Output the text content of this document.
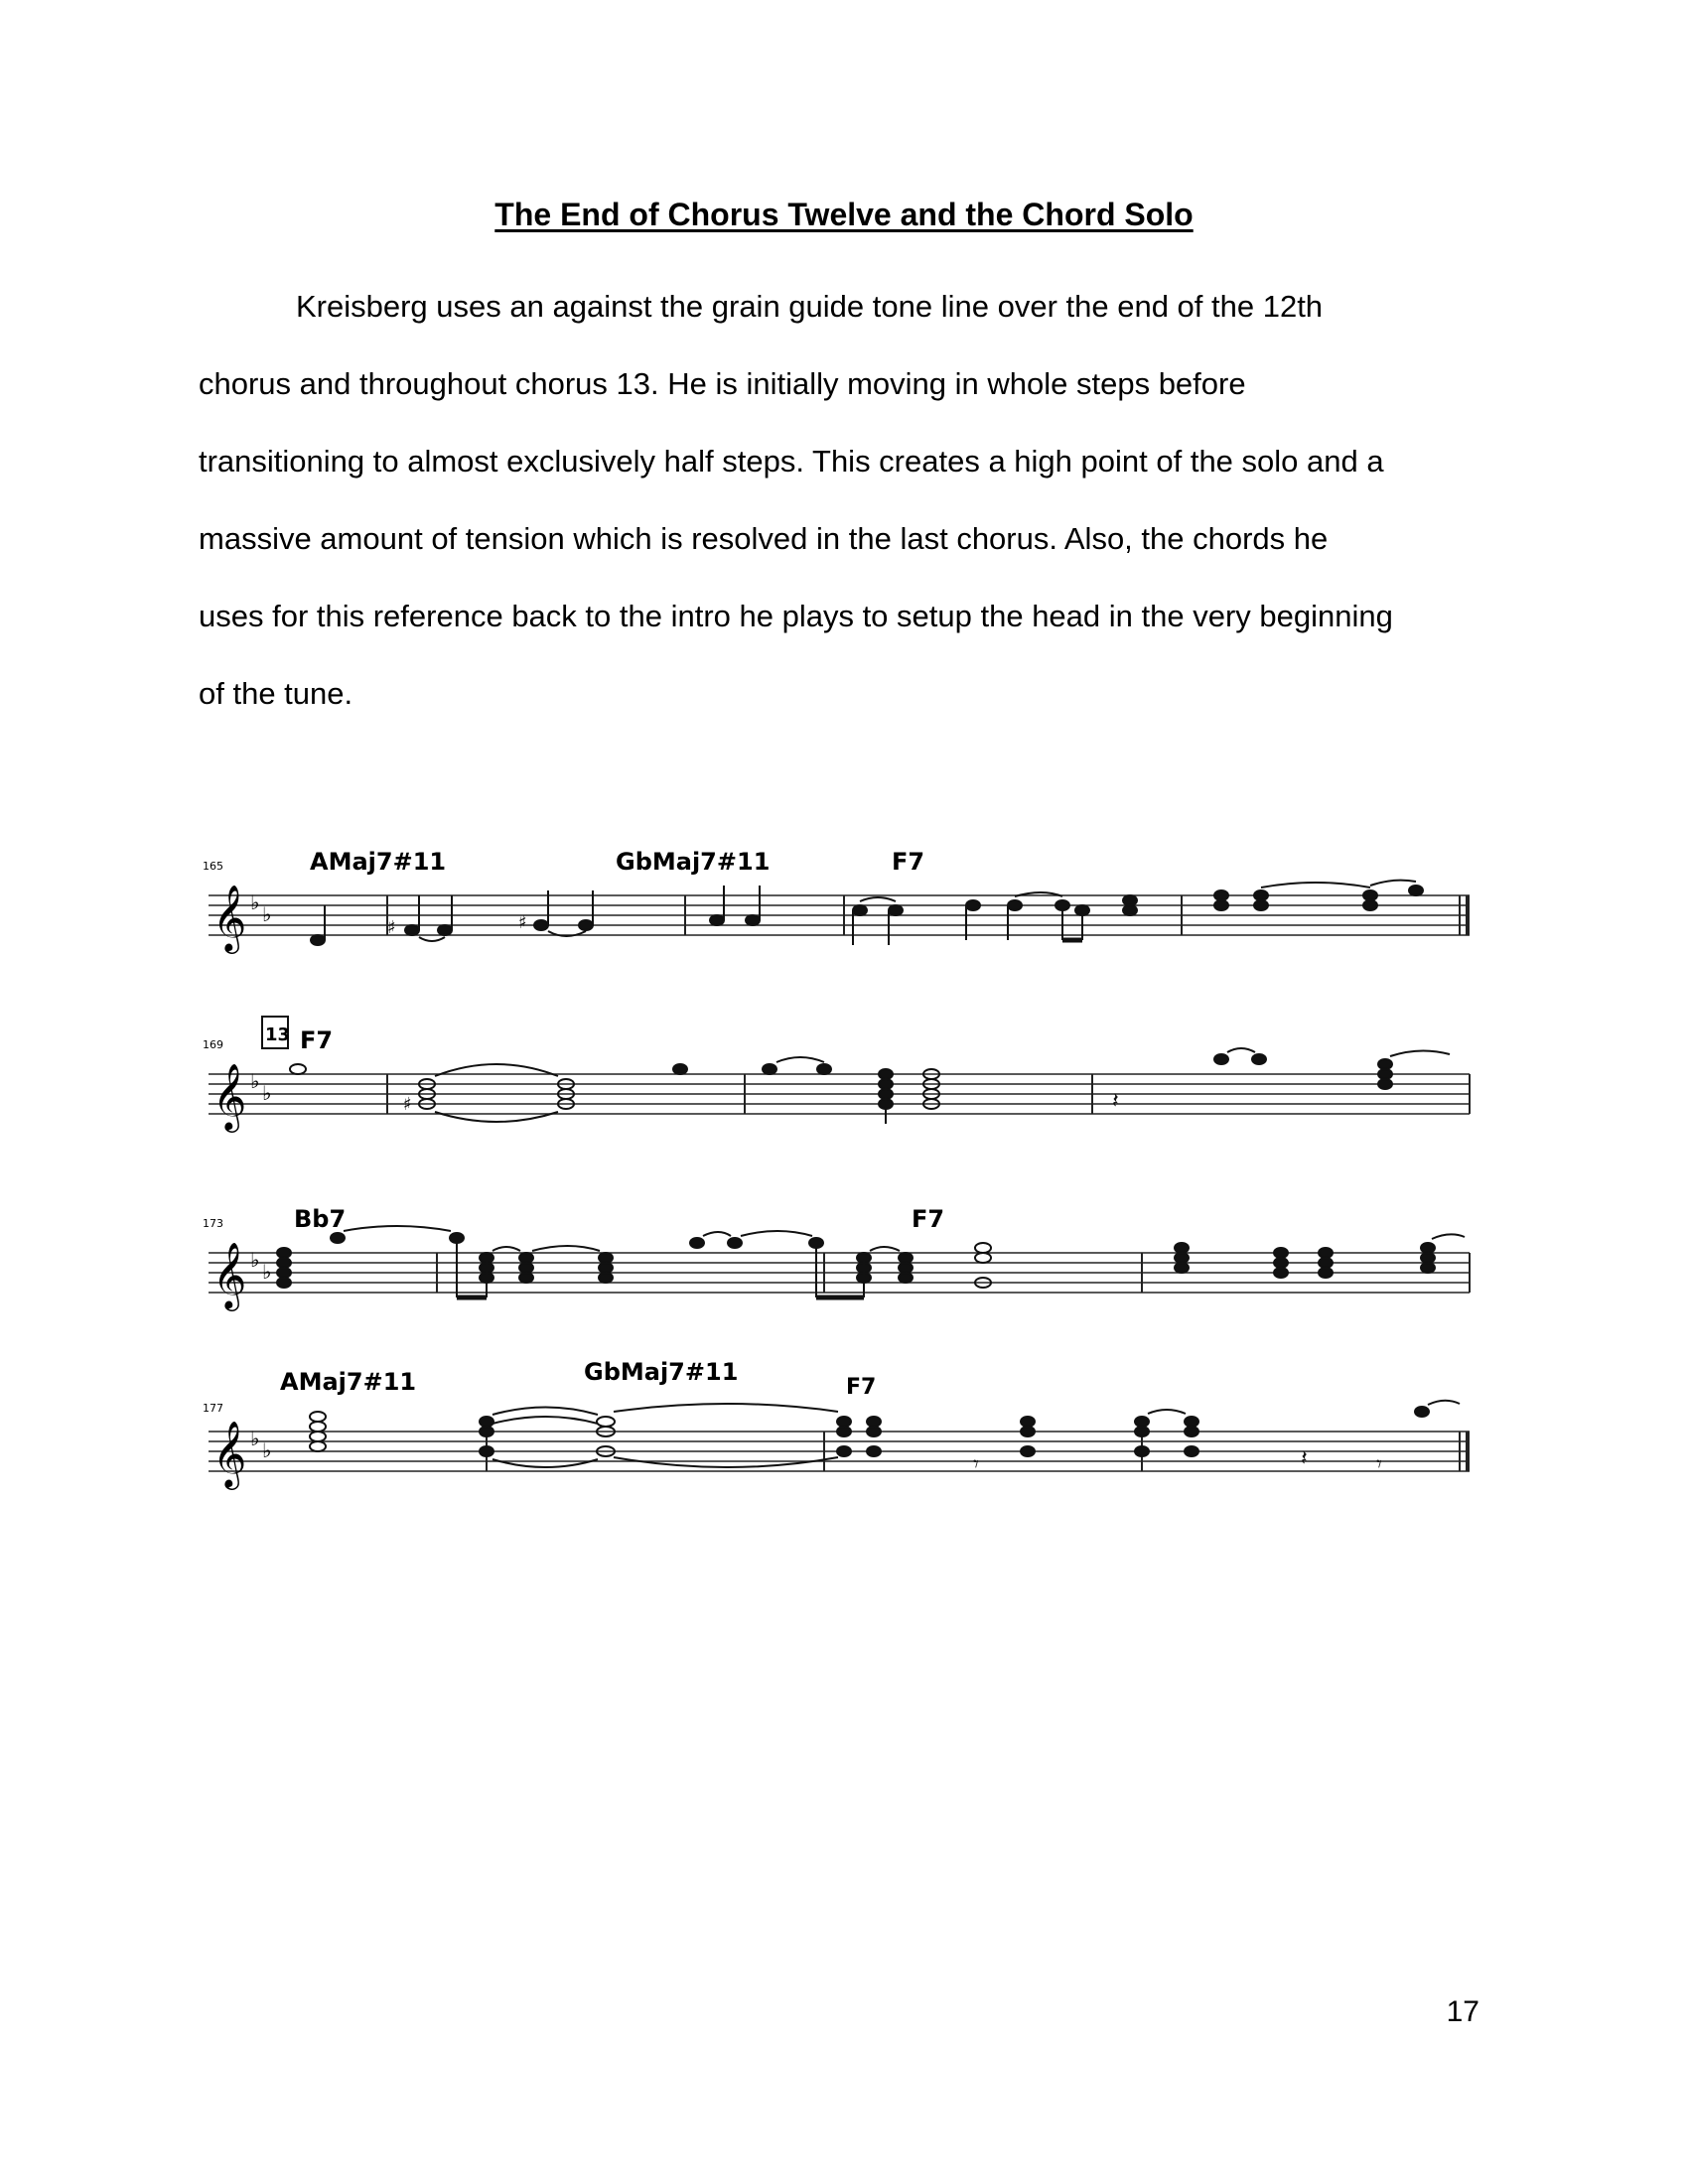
The End of Chorus Twelve and the Chord Solo
Kreisberg uses an against the grain guide tone line over the end of the 12th
chorus and throughout chorus 13. He is initially moving in whole steps before
transitioning to almost exclusively half steps. This creates a high point of the solo and a
massive amount of tension which is resolved in the last chorus. Also, the chords he
uses for this reference back to the intro he plays to setup the head in the very beginning
of the tune.
165	AMaj7#11	GbMaj7#11	F7
𝄞 ♭ ♭
♯	♯
169 13 F7
𝄞 ♭ ♭	♯	𝄽
173	Bb7	F7
𝄞 ♭ ♭
177
AMaj7#11	GbMaj7#11
F7
𝄞 ♭ ♭
𝄾	𝄽	𝄾
17
